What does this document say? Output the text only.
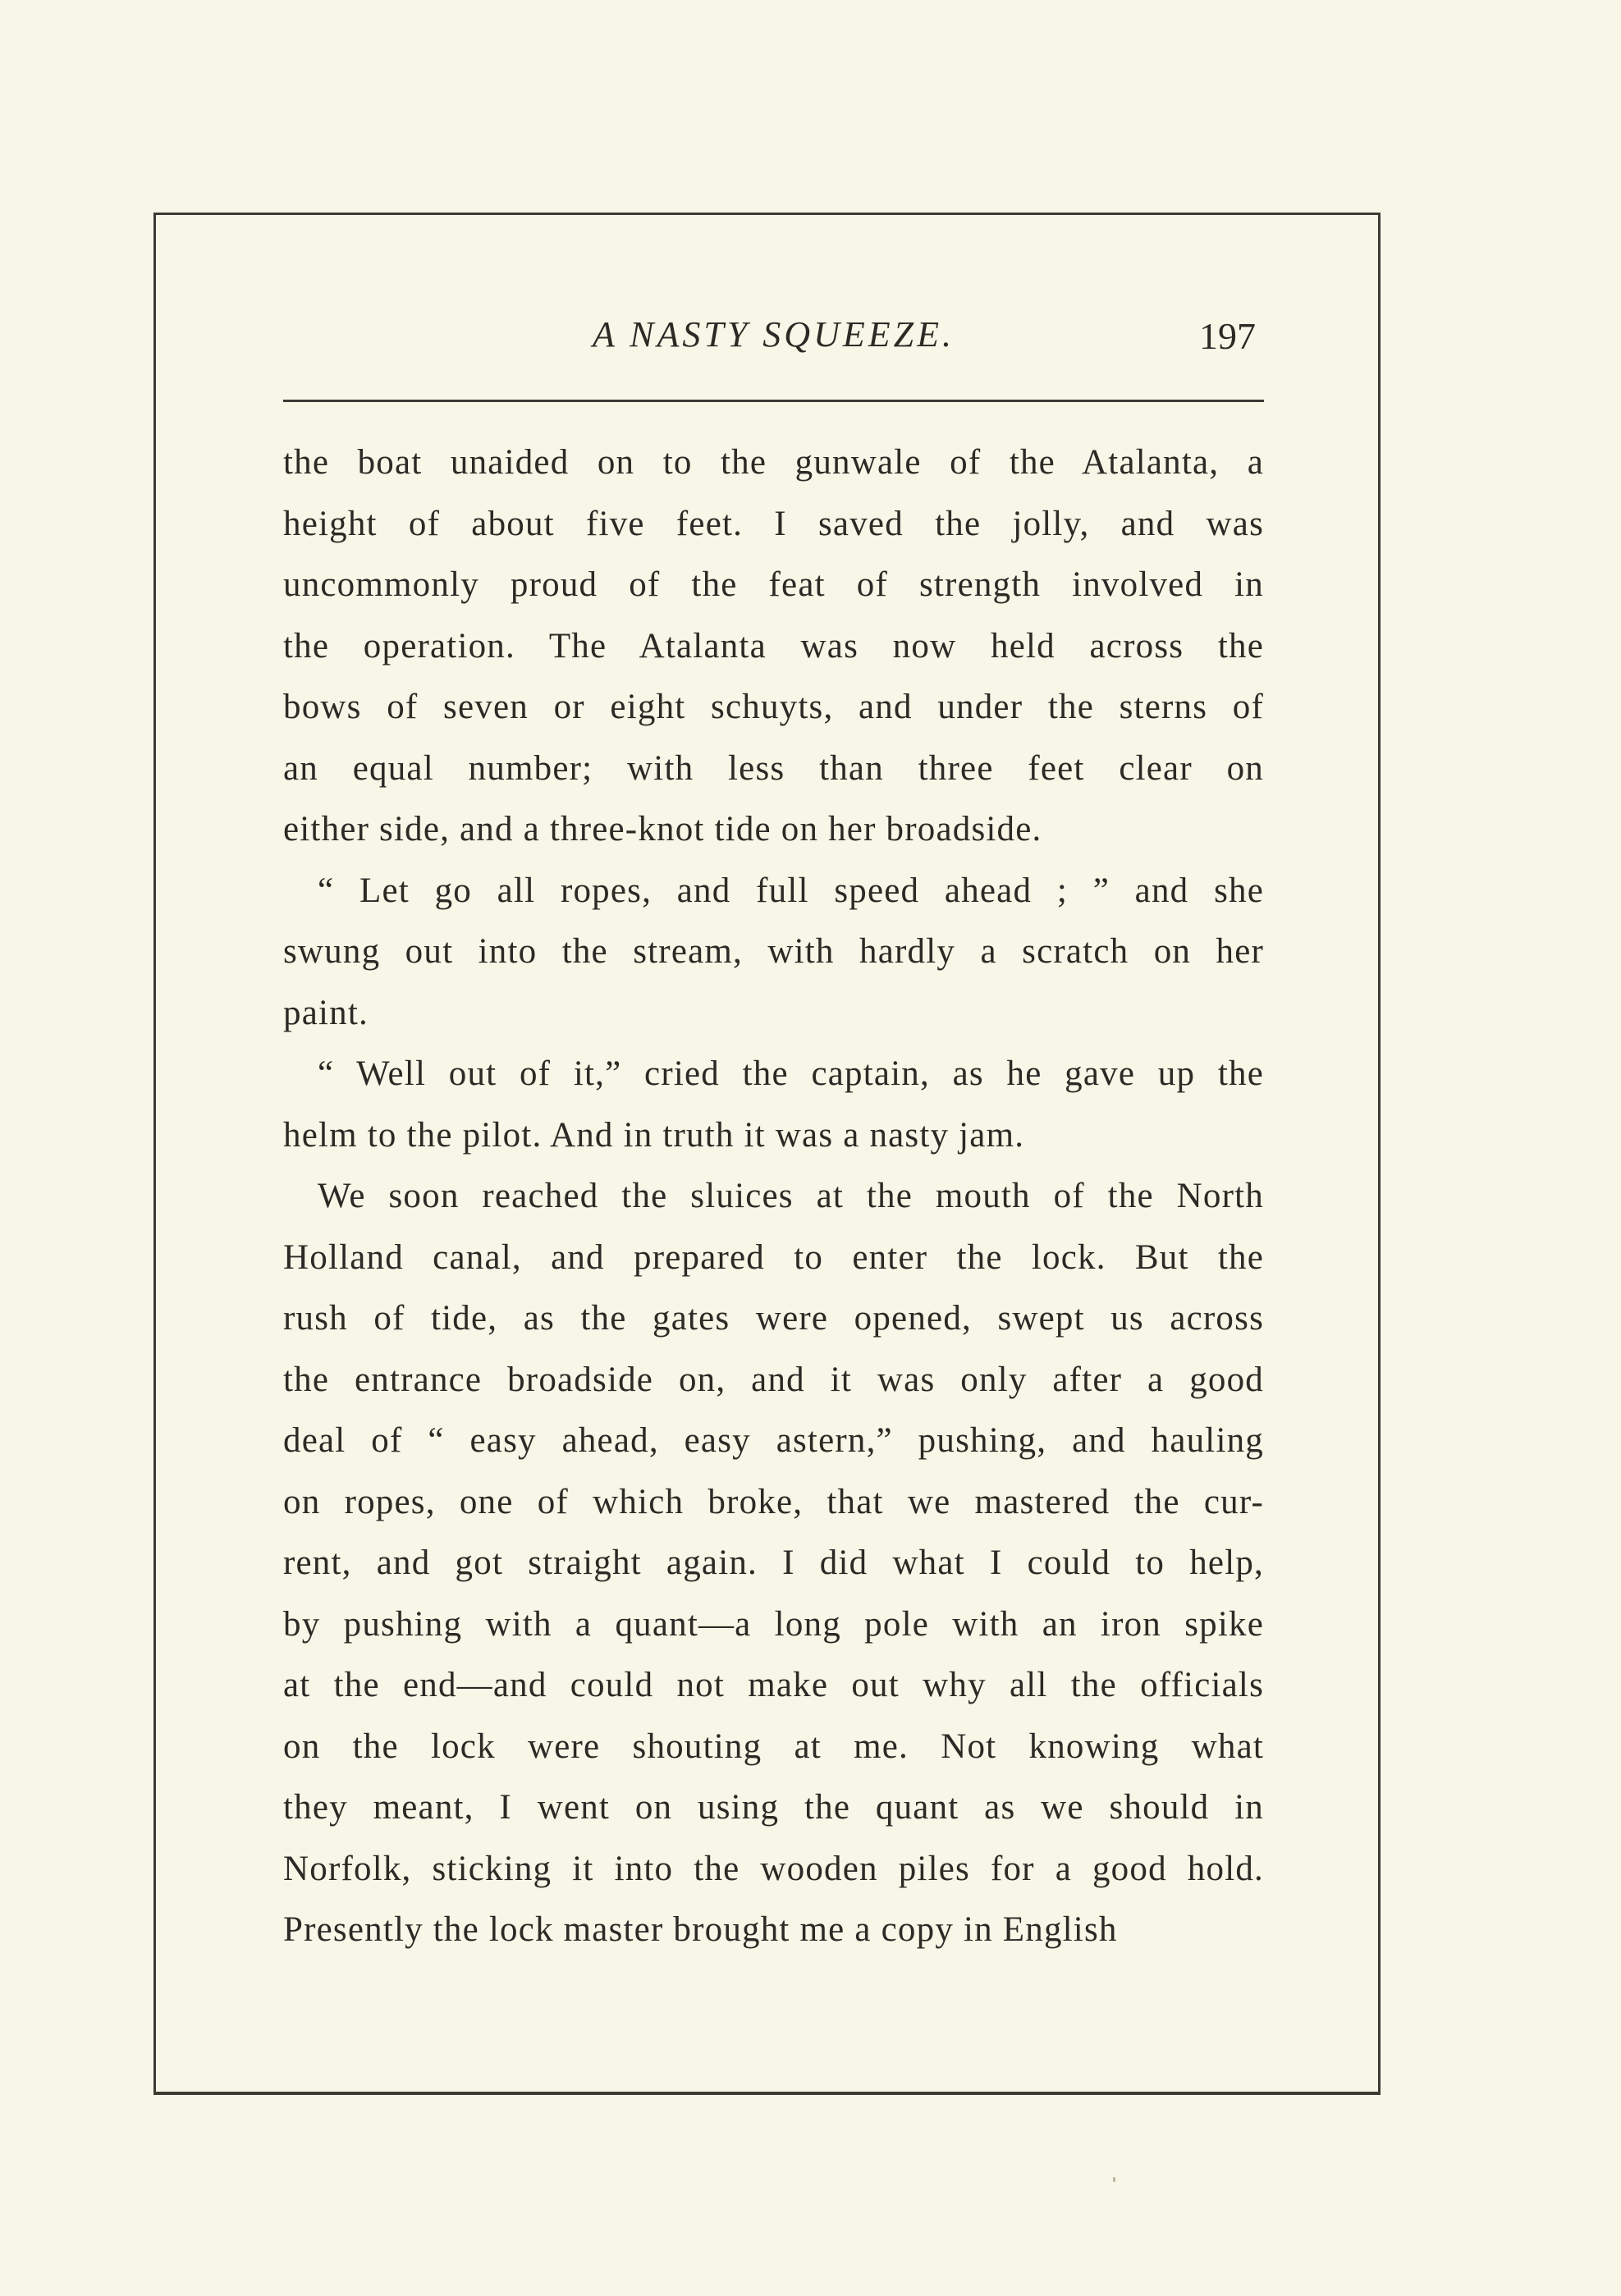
A NASTY SQUEEZE.	197
the boat unaided on to the gunwale of the Atalanta, a
height of about five feet. I saved the jolly, and was
uncommonly proud of the feat of strength involved in
the operation. The Atalanta was now held across the
bows of seven or eight schuyts, and under the sterns of
an equal number; with less than three feet clear on
either side, and a three-knot tide on her broadside.
“ Let go all ropes, and full speed ahead ; ” and she
swung out into the stream, with hardly a scratch on her
paint.
“ Well out of it,” cried the captain, as he gave up the
helm to the pilot. And in truth it was a nasty jam.
We soon reached the sluices at the mouth of the North
Holland canal, and prepared to enter the lock. But the
rush of tide, as the gates were opened, swept us across
the entrance broadside on, and it was only after a good
deal of “ easy ahead, easy astern,” pushing, and hauling
on ropes, one of which broke, that we mastered the cur-
rent, and got straight again. I did what I could to help,
by pushing with a quant—a long pole with an iron spike
at the end—and could not make out why all the officials
on the lock were shouting at me. Not knowing what
they meant, I went on using the quant as we should in
Norfolk, sticking it into the wooden piles for a good hold.
Presently the lock master brought me a copy in English
